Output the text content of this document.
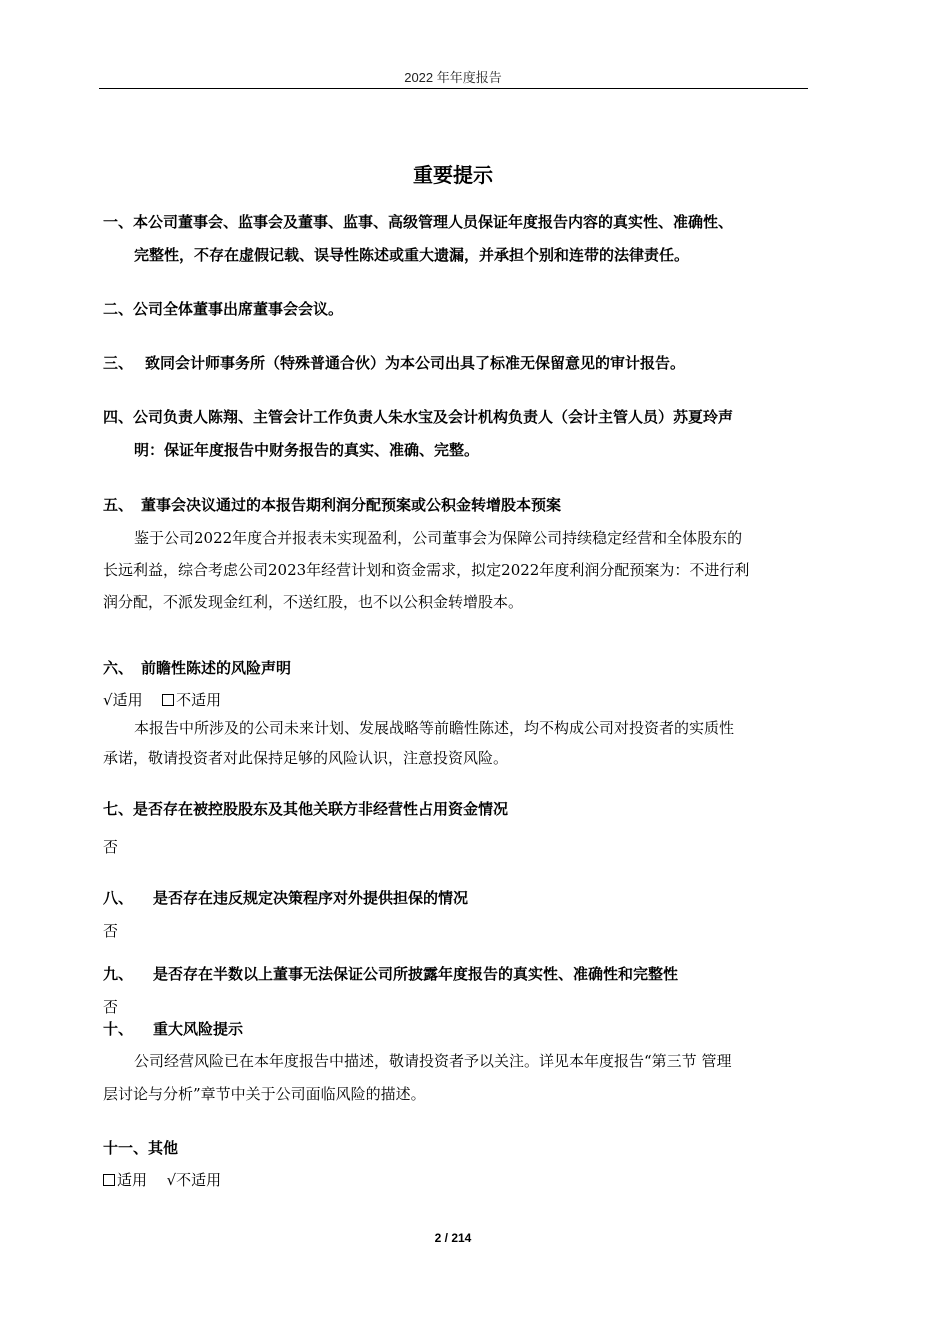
2022 年年度报告
重要提示
一、本公司董事会、监事会及董事、监事、高级管理人员保证年度报告内容的真实性、准确性、
完整性，不存在虚假记载、误导性陈述或重大遗漏，并承担个别和连带的法律责任。
二、公司全体董事出席董事会会议。
三、 致同会计师事务所（特殊普通合伙）为本公司出具了标准无保留意见的审计报告。
四、公司负责人陈翔、主管会计工作负责人朱水宝及会计机构负责人（会计主管人员）苏夏玲声
明：保证年度报告中财务报告的真实、准确、完整。
五、 董事会决议通过的本报告期利润分配预案或公积金转增股本预案
鉴于公司2022年度合并报表未实现盈利，公司董事会为保障公司持续稳定经营和全体股东的
长远利益，综合考虑公司2023年经营计划和资金需求，拟定2022年度利润分配预案为：不进行利
润分配，不派发现金红利，不送红股，也不以公积金转增股本。
六、 前瞻性陈述的风险声明
√适用 不适用
本报告中所涉及的公司未来计划、发展战略等前瞻性陈述，均不构成公司对投资者的实质性
承诺，敬请投资者对此保持足够的风险认识，注意投资风险。
七、是否存在被控股股东及其他关联方非经营性占用资金情况
否
八、 是否存在违反规定决策程序对外提供担保的情况
否
九、 是否存在半数以上董事无法保证公司所披露年度报告的真实性、准确性和完整性
否
十、 重大风险提示
公司经营风险已在本年度报告中描述，敬请投资者予以关注。详见本年度报告“第三节 管理
层讨论与分析”章节中关于公司面临风险的描述。
十一、其他
适用 √不适用
2 / 214
